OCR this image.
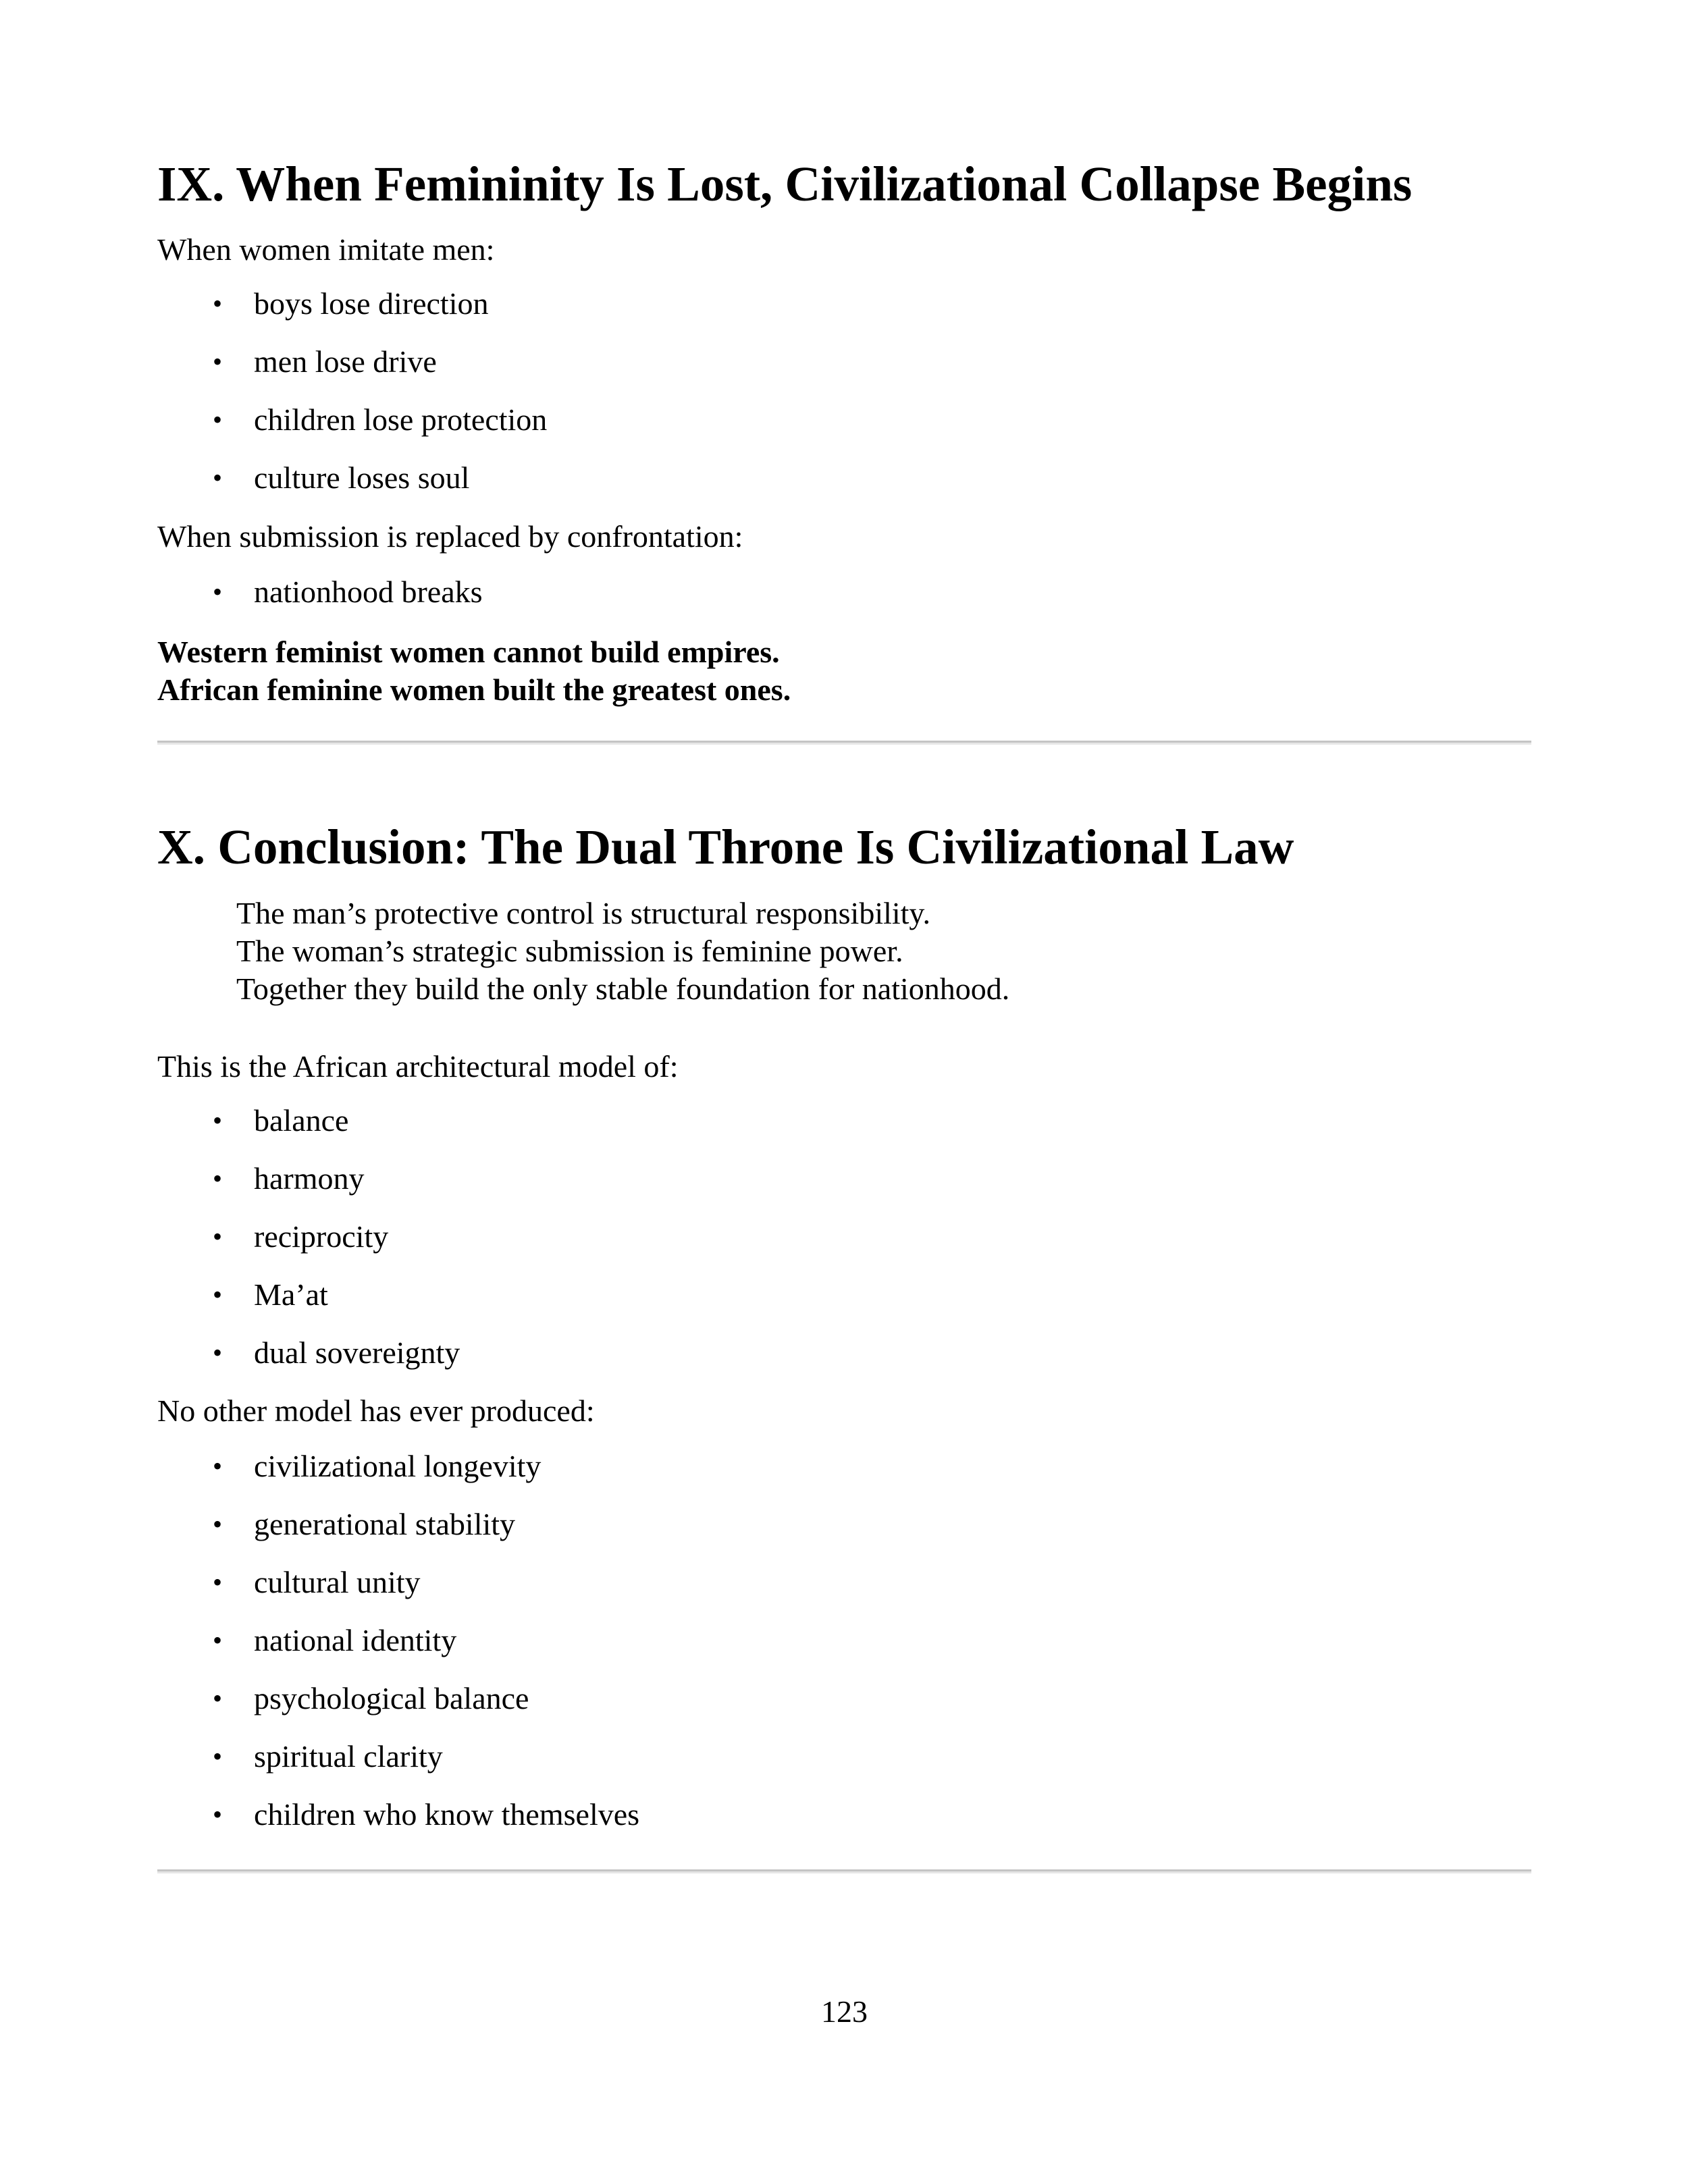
IX. When Femininity Is Lost, Civilizational Collapse Begins

When women imitate men:

•	boys lose direction
•	men lose drive
•	children lose protection
•	culture loses soul

When submission is replaced by confrontation:

•	nationhood breaks
Western feminist women cannot build empires.
African feminine women built the greatest ones.
X. Conclusion: The Dual Throne Is Civilizational Law
The man’s protective control is structural responsibility.
The woman’s strategic submission is feminine power.
Together they build the only stable foundation for nationhood.

This is the African architectural model of:

•	balance
•	harmony
•	reciprocity
•	Ma’at
•	dual sovereignty

No other model has ever produced:

•	civilizational longevity
•	generational stability
•	cultural unity
•	national identity
•	psychological balance
•	spiritual clarity
•	children who know themselves
123
